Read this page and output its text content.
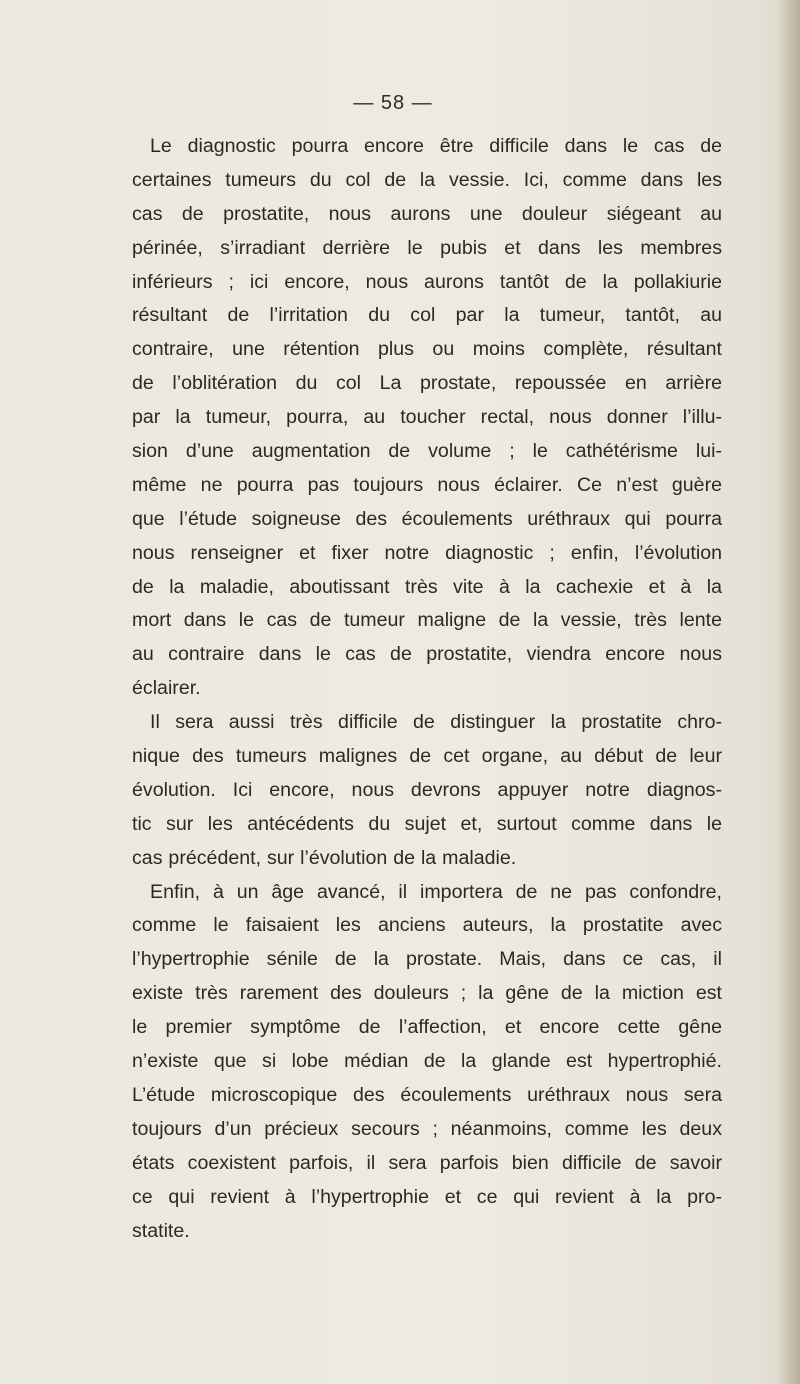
— 58 —
Le diagnostic pourra encore être difficile dans le cas de
certaines tumeurs du col de la vessie. Ici, comme dans les
cas de prostatite, nous aurons une douleur siégeant au
périnée, s’irradiant derrière le pubis et dans les membres
inférieurs ; ici encore, nous aurons tantôt de la pollakiurie
résultant de l’irritation du col par la tumeur, tantôt, au
contraire, une rétention plus ou moins complète, résultant
de l’oblitération du col La prostate, repoussée en arrière
par la tumeur, pourra, au toucher rectal, nous donner l’illu-
sion d’une augmentation de volume ; le cathétérisme lui-
même ne pourra pas toujours nous éclairer. Ce n’est guère
que l’étude soigneuse des écoulements uréthraux qui pourra
nous renseigner et fixer notre diagnostic ; enfin, l’évolution
de la maladie, aboutissant très vite à la cachexie et à la
mort dans le cas de tumeur maligne de la vessie, très lente
au contraire dans le cas de prostatite, viendra encore nous
éclairer.
Il sera aussi très difficile de distinguer la prostatite chro-
nique des tumeurs malignes de cet organe, au début de leur
évolution. Ici encore, nous devrons appuyer notre diagnos-
tic sur les antécédents du sujet et, surtout comme dans le
cas précédent, sur l’évolution de la maladie.
Enfin, à un âge avancé, il importera de ne pas confondre,
comme le faisaient les anciens auteurs, la prostatite avec
l’hypertrophie sénile de la prostate. Mais, dans ce cas, il
existe très rarement des douleurs ; la gêne de la miction est
le premier symptôme de l’affection, et encore cette gêne
n’existe que si lobe médian de la glande est hypertrophié.
L’étude microscopique des écoulements uréthraux nous sera
toujours d’un précieux secours ; néanmoins, comme les deux
états coexistent parfois, il sera parfois bien difficile de savoir
ce qui revient à l’hypertrophie et ce qui revient à la pro-
statite.
